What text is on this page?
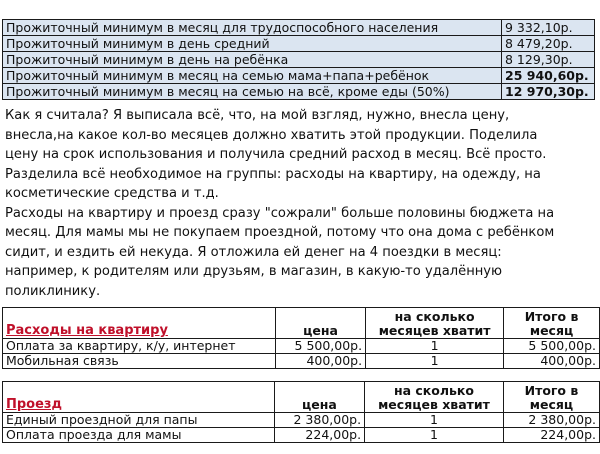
Прожиточный минимум в месяц для трудоспособного населения	9 332,10р.
Прожиточный минимум в день средний	8 479,20р.
Прожиточный минимум в день на ребёнка	8 129,30р.
Прожиточный минимум в месяц на семью мама+папа+ребёнок	25 940,60р.
Прожиточный минимум в месяц на семью на всё, кроме еды (50%)	12 970,30р.

Как я считала? Я выписала всё, что, на мой взгляд, нужно, внесла цену,
внесла,на какое кол-во месяцев должно хватить этой продукции. Поделила
цену на срок использования и получила средний расход в месяц. Всё просто.

Разделила всё необходимое на группы: расходы на квартиру, на одежду, на
косметические средства и т.д.

Расходы на квартиру и проезд сразу "сожрали" больше половины бюджета на
месяц. Для мамы мы не покупаем проездной, потому что она дома с ребёнком
сидит, и ездить ей некуда. Я отложила ей денег на 4 поездки в месяц:
например, к родителям или друзьям, в магазин, в какую-то удалённую
поликлинику.

Расходы на квартиру	цена	на сколько месяцев хватит	Итого в месяц
Оплата за квартиру, к/у, интернет	5 500,00р.	1	5 500,00р.
Мобильная связь	400,00р.	1	400,00р.
Проезд	цена	на сколько месяцев хватит	Итого в месяц
Единый проездной для папы	2 380,00р.	1	2 380,00р.
Оплата проезда для мамы	224,00р.	1	224,00р.
